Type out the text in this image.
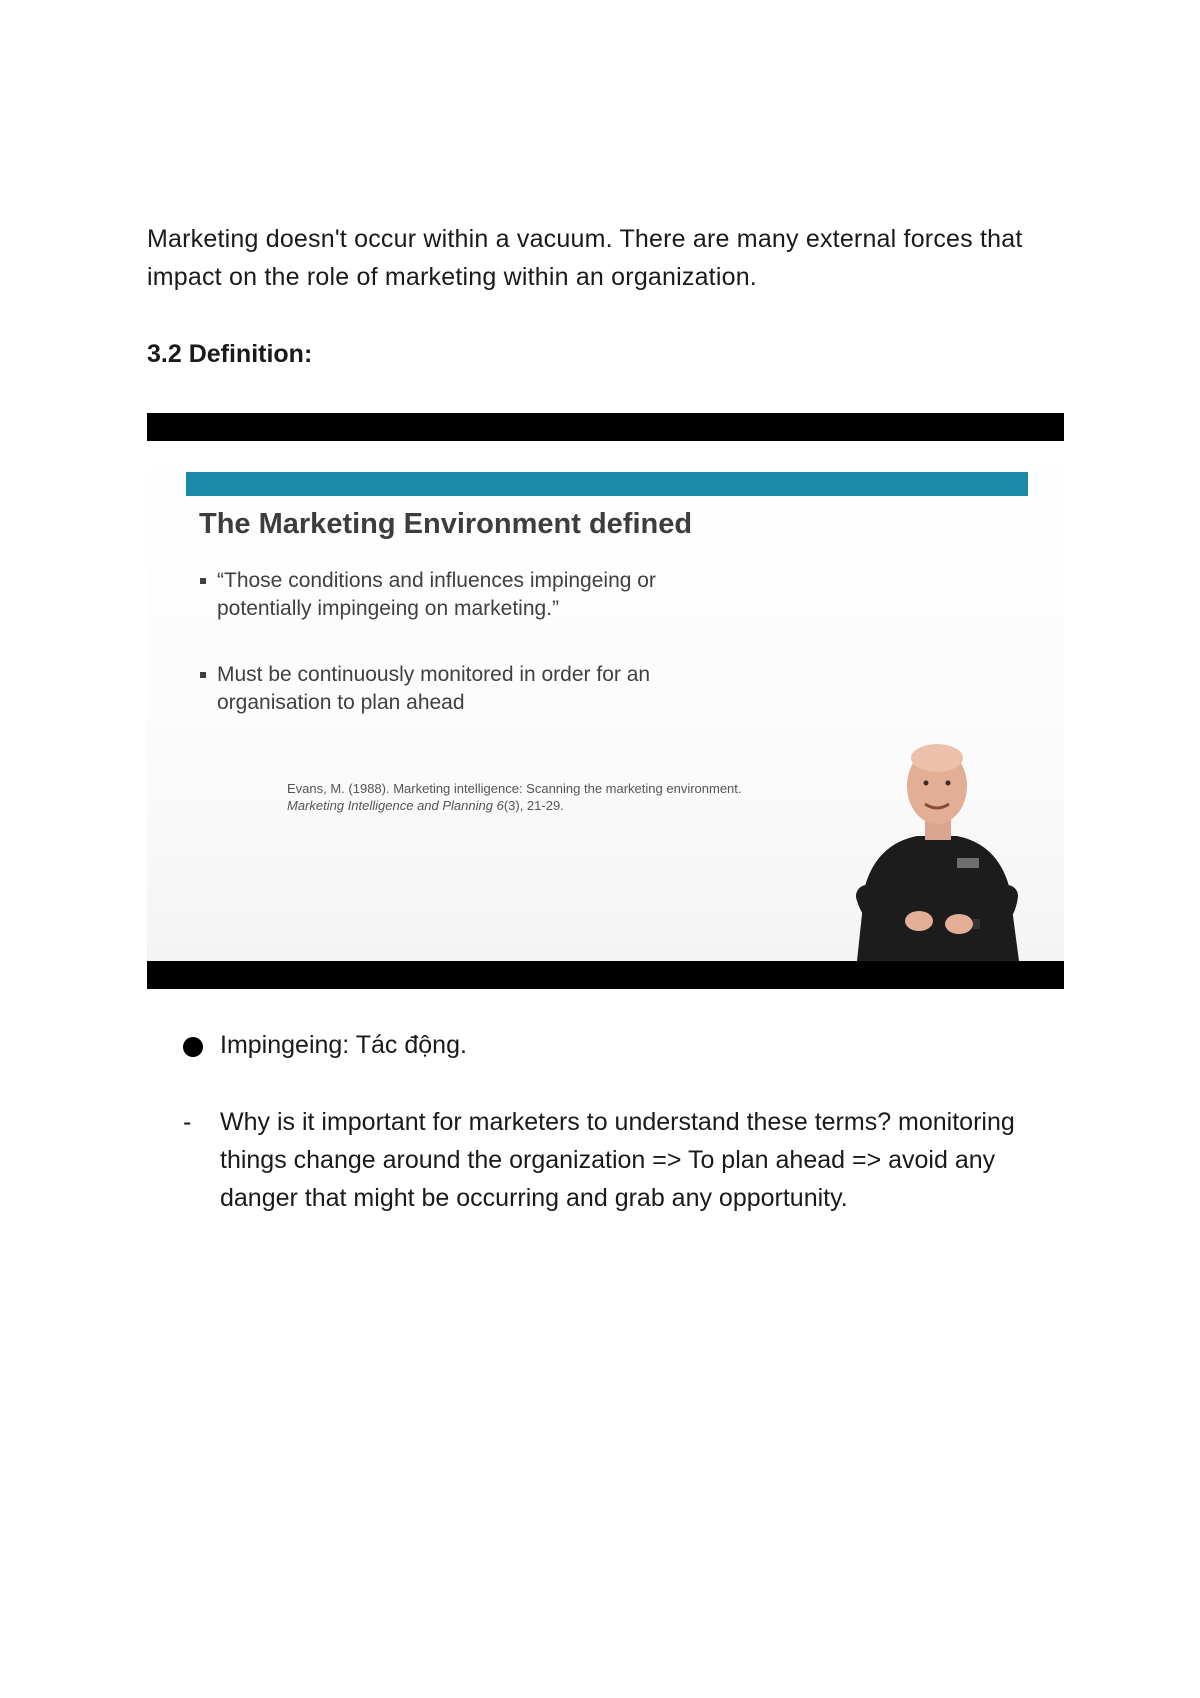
Marketing doesn't occur within a vacuum. There are many external forces that impact on the role of marketing within an organization.
3.2 Definition:
The Marketing Environment defined
“Those conditions and influences impingeing or potentially impingeing on marketing.”
Must be continuously monitored in order for an organisation to plan ahead
Evans, M. (1988). Marketing intelligence: Scanning the marketing environment.
Marketing Intelligence and Planning 6(3), 21-29.
Impingeing: Tác động.
- Why is it important for marketers to understand these terms? monitoring things change around the organization => To plan ahead => avoid any danger that might be occurring and grab any opportunity.
